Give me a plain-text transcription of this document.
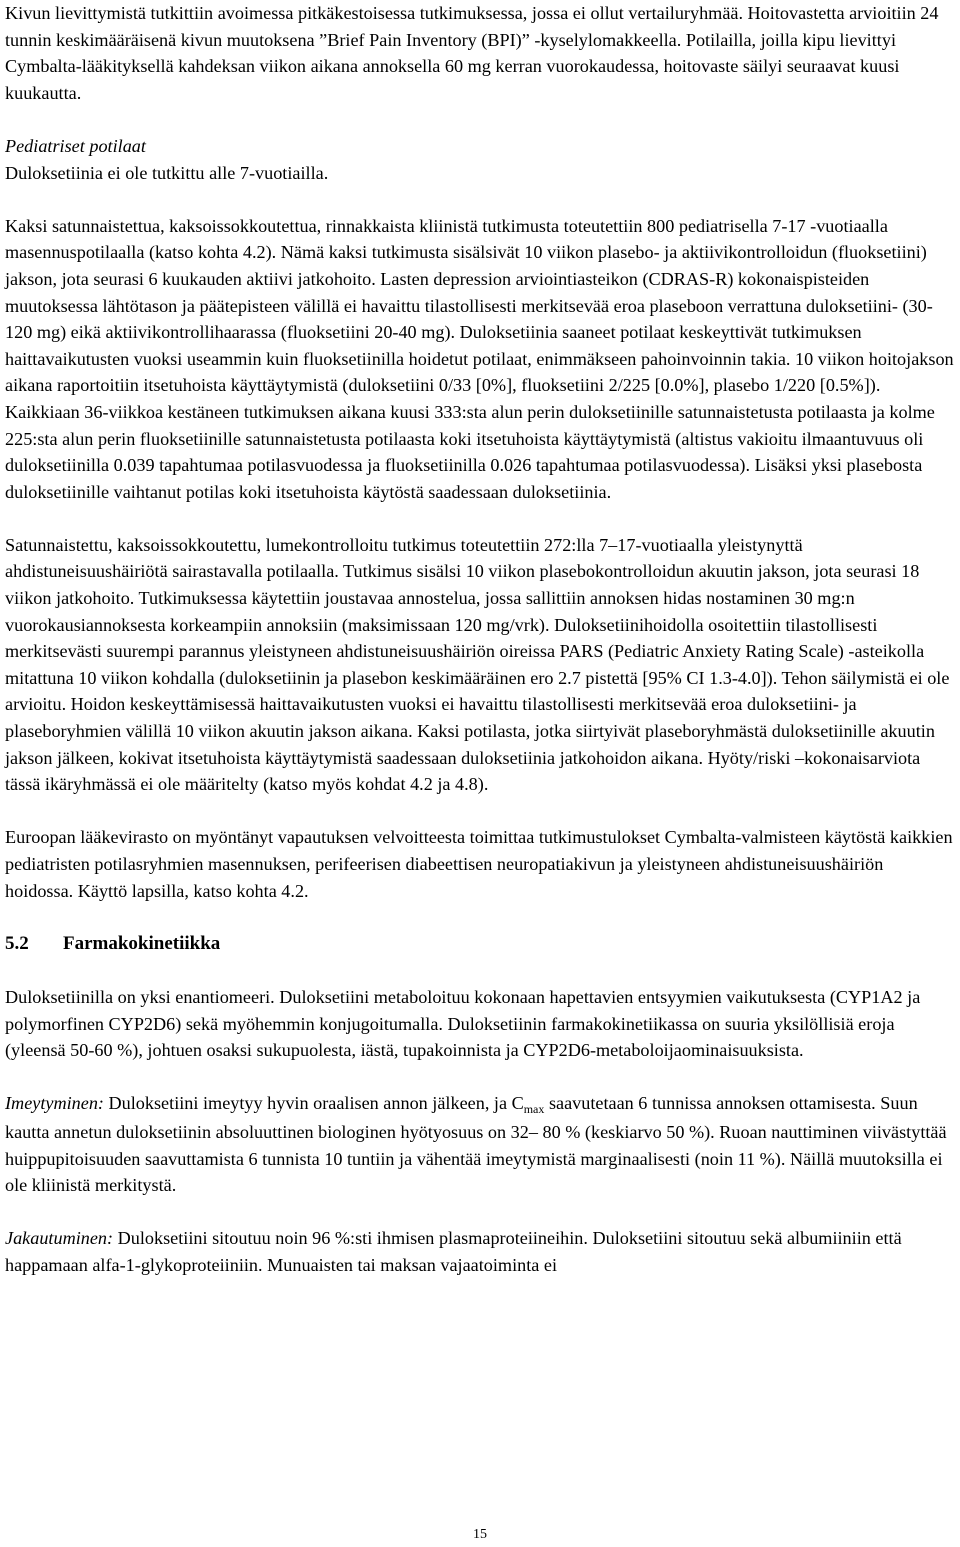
Kivun lievittymistä tutkittiin avoimessa pitkäkestoisessa tutkimuksessa, jossa ei ollut vertailuryhmää. Hoitovastetta arvioitiin 24 tunnin keskimääräisenä kivun muutoksena ”Brief Pain Inventory (BPI)” -kyselylomakkeella. Potilailla, joilla kipu lievittyi Cymbalta-lääkityksellä kahdeksan viikon aikana annoksella 60 mg kerran vuorokaudessa, hoitovaste säilyi seuraavat kuusi kuukautta.

Pediatriset potilaat

Duloksetiinia ei ole tutkittu alle 7-vuotiailla.

Kaksi satunnaistettua, kaksoissokkoutettua, rinnakkaista kliinistä tutkimusta toteutettiin 800 pediatrisella 7-17 -vuotiaalla masennuspotilaalla (katso kohta 4.2). Nämä kaksi tutkimusta sisälsivät 10 viikon plasebo- ja aktiivikontrolloidun (fluoksetiini) jakson, jota seurasi 6 kuukauden aktiivi jatkohoito. Lasten depression arviointiasteikon (CDRAS-R) kokonaispisteiden muutoksessa lähtötason ja päätepisteen välillä ei havaittu tilastollisesti merkitsevää eroa plaseboon verrattuna duloksetiini- (30-120 mg) eikä aktiivikontrollihaarassa (fluoksetiini 20-40 mg). Duloksetiinia saaneet potilaat keskeyttivät tutkimuksen haittavaikutusten vuoksi useammin kuin fluoksetiinilla hoidetut potilaat, enimmäkseen pahoinvoinnin takia. 10 viikon hoitojakson aikana raportoitiin itsetuhoista käyttäytymistä (duloksetiini 0/33 [0%], fluoksetiini 2/225 [0.0%], plasebo 1/220 [0.5%]). Kaikkiaan 36-viikkoa kestäneen tutkimuksen aikana kuusi 333:sta alun perin duloksetiinille satunnaistetusta potilaasta ja kolme 225:sta alun perin fluoksetiinille satunnaistetusta potilaasta koki itsetuhoista käyttäytymistä (altistus vakioitu ilmaantuvuus oli duloksetiinilla 0.039 tapahtumaa potilasvuodessa ja fluoksetiinilla 0.026 tapahtumaa potilasvuodessa). Lisäksi yksi plasebosta duloksetiinille vaihtanut potilas koki itsetuhoista käytöstä saadessaan duloksetiinia.

Satunnaistettu, kaksoissokkoutettu, lumekontrolloitu tutkimus toteutettiin 272:lla 7–17-vuotiaalla yleistynyttä ahdistuneisuushäiriötä sairastavalla potilaalla. Tutkimus sisälsi 10 viikon plasebokontrolloidun akuutin jakson, jota seurasi 18 viikon jatkohoito. Tutkimuksessa käytettiin joustavaa annostelua, jossa sallittiin annoksen hidas nostaminen 30 mg:n vuorokausiannoksesta korkeampiin annoksiin (maksimissaan 120 mg/vrk). Duloksetiinihoidolla osoitettiin tilastollisesti merkitsevästi suurempi parannus yleistyneen ahdistuneisuushäiriön oireissa PARS (Pediatric Anxiety Rating Scale) -asteikolla mitattuna 10 viikon kohdalla (duloksetiinin ja plasebon keskimääräinen ero 2.7 pistettä [95% CI 1.3-4.0]). Tehon säilymistä ei ole arvioitu. Hoidon keskeyttämisessä haittavaikutusten vuoksi ei havaittu tilastollisesti merkitsevää eroa duloksetiini- ja plaseboryhmien välillä 10 viikon akuutin jakson aikana. Kaksi potilasta, jotka siirtyivät plaseboryhmästä duloksetiinille akuutin jakson jälkeen, kokivat itsetuhoista käyttäytymistä saadessaan duloksetiinia jatkohoidon aikana. Hyöty/riski –kokonaisarviota tässä ikäryhmässä ei ole määritelty (katso myös kohdat 4.2 ja 4.8).

Euroopan lääkevirasto on myöntänyt vapautuksen velvoitteesta toimittaa tutkimustulokset Cymbalta-valmisteen käytöstä kaikkien pediatristen potilasryhmien masennuksen, perifeerisen diabeettisen neuropatiakivun ja yleistyneen ahdistuneisuushäiriön hoidossa. Käyttö lapsilla, katso kohta 4.2.

5.2 Farmakokinetiikka

Duloksetiinilla on yksi enantiomeeri. Duloksetiini metaboloituu kokonaan hapettavien entsyymien vaikutuksesta (CYP1A2 ja polymorfinen CYP2D6) sekä myöhemmin konjugoitumalla. Duloksetiinin farmakokinetiikassa on suuria yksilöllisiä eroja (yleensä 50-60 %), johtuen osaksi sukupuolesta, iästä, tupakoinnista ja CYP2D6-metaboloijaominaisuuksista.

Imeytyminen: Duloksetiini imeytyy hyvin oraalisen annon jälkeen, ja $C_{max}$ saavutetaan 6 tunnissa annoksen ottamisesta. Suun kautta annetun duloksetiinin absoluuttinen biologinen hyötyosuus on 32– 80 % (keskiarvo 50 %). Ruoan nauttiminen viivästyttää huippupitoisuuden saavuttamista 6 tunnista 10 tuntiin ja vähentää imeytymistä marginaalisesti (noin 11 %). Näillä muutoksilla ei ole kliinistä merkitystä.

Jakautuminen: Duloksetiini sitoutuu noin 96 %:sti ihmisen plasmaproteiineihin. Duloksetiini sitoutuu sekä albumiiniin että happamaan alfa-1-glykoproteiiniin. Munuaisten tai maksan vajaatoiminta ei

15
